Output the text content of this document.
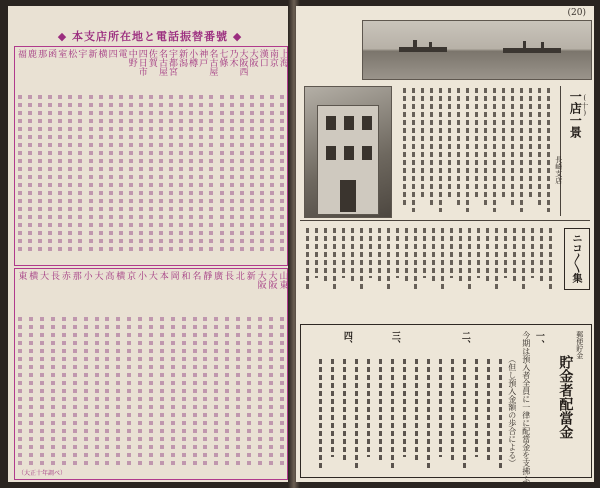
◆ 本支店所在地と電話振替番號 ◆
上海
南京
漢口
大阪
大阪西
乃木
七條
名古屋
神戸
小樽
新潟
宇都宮
名古屋
佐賀
四日市
中野
電
四
横
新
宇
松
室
函
那
鹿
福
山東
大阪
大阪
新
北
長
廣
靜
名
和
岡
本
大
小
京
横
高
大
小
那
赤
長
大
横
東
（大正十年調べ）
(20)
一店一景
(十)
長崎支店
ニコ〳〵集
郵便貯金
貯金者配當金
一、
今期は預入者全員に一律に配當金を支拂ふ
（但し預入金額の歩合による）
二、
三、
四、
